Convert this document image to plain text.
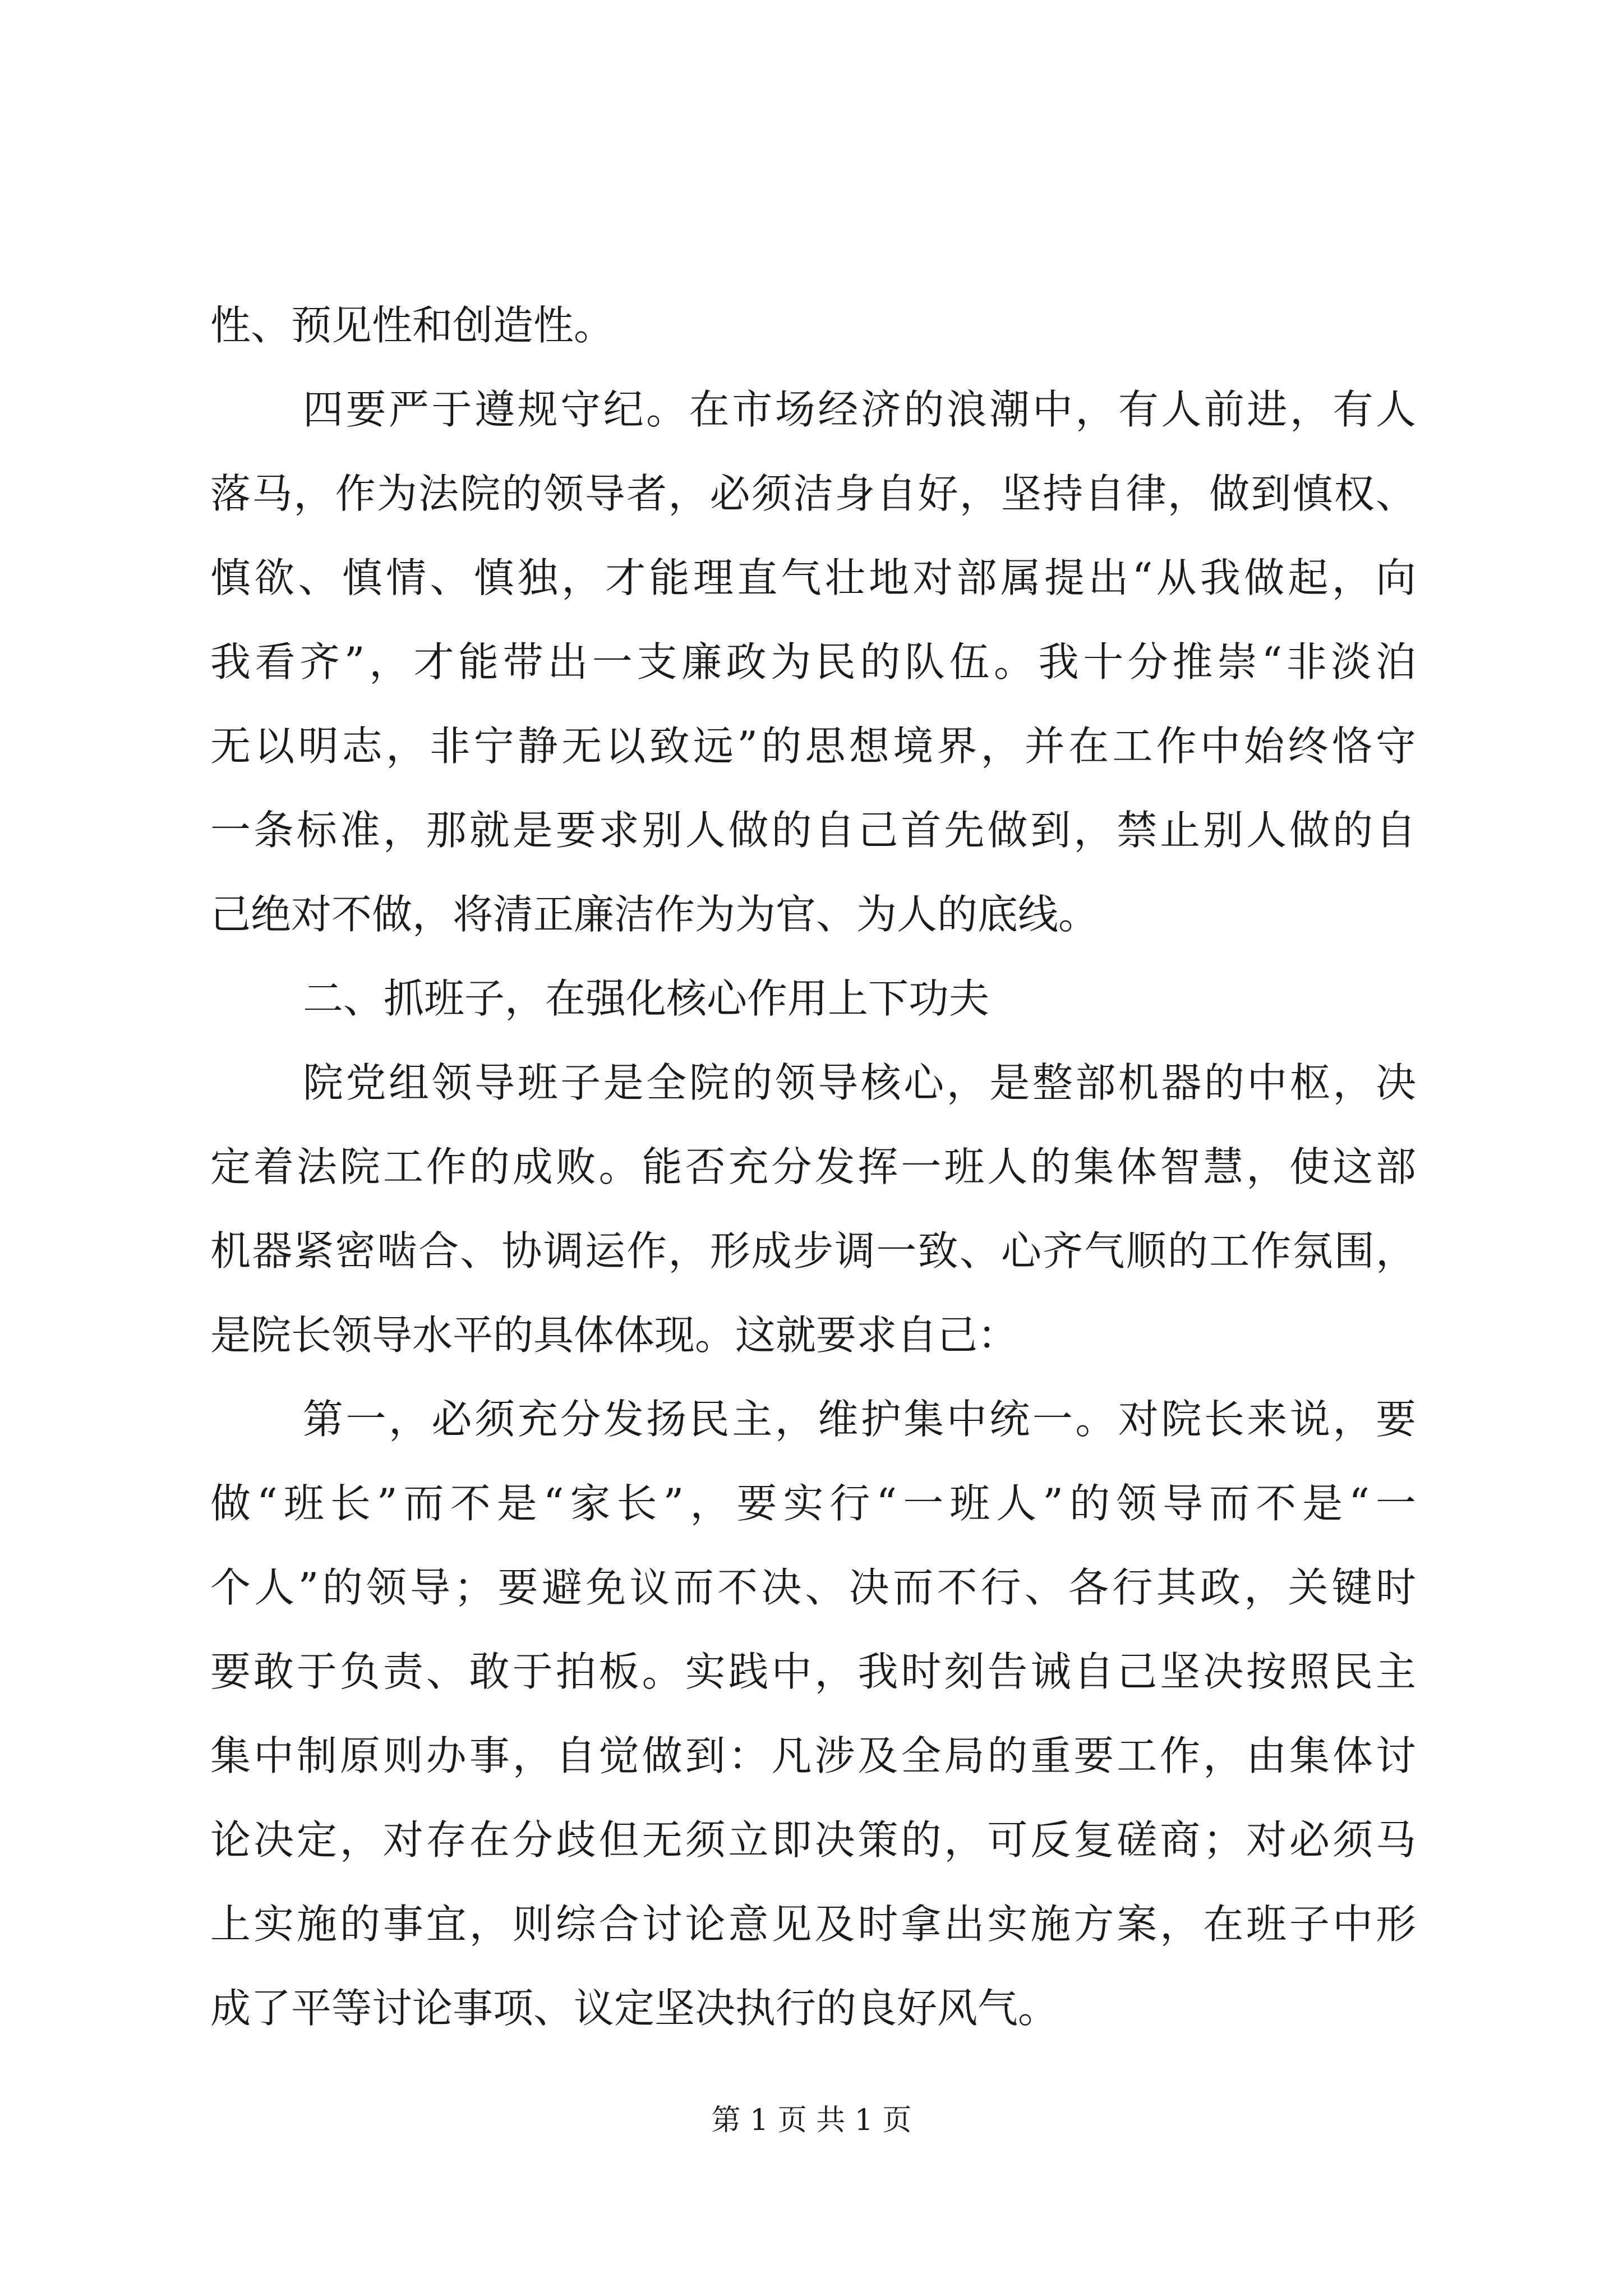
性、预见性和创造性。
四要严于遵规守纪。在市场经济的浪潮中，有人前进，有人
落马，作为法院的领导者，必须洁身自好，坚持自律，做到慎权、
慎欲、慎情、慎独，才能理直气壮地对部属提出“从我做起，向
我看齐”，才能带出一支廉政为民的队伍。我十分推崇“非淡泊
无以明志，非宁静无以致远”的思想境界，并在工作中始终恪守
一条标准，那就是要求别人做的自己首先做到，禁止别人做的自
己绝对不做，将清正廉洁作为为官、为人的底线。
二、抓班子，在强化核心作用上下功夫
院党组领导班子是全院的领导核心，是整部机器的中枢，决
定着法院工作的成败。能否充分发挥一班人的集体智慧，使这部
机器紧密啮合、协调运作，形成步调一致、心齐气顺的工作氛围，
是院长领导水平的具体体现。这就要求自己：
第一，必须充分发扬民主，维护集中统一。对院长来说，要
做“班长”而不是“家长”，要实行“一班人”的领导而不是“一
个人”的领导；要避免议而不决、决而不行、各行其政，关键时
要敢于负责、敢于拍板。实践中，我时刻告诫自己坚决按照民主
集中制原则办事，自觉做到：凡涉及全局的重要工作，由集体讨
论决定，对存在分歧但无须立即决策的，可反复磋商；对必须马
上实施的事宜，则综合讨论意见及时拿出实施方案，在班子中形
成了平等讨论事项、议定坚决执行的良好风气。
第 1 页 共 1 页
